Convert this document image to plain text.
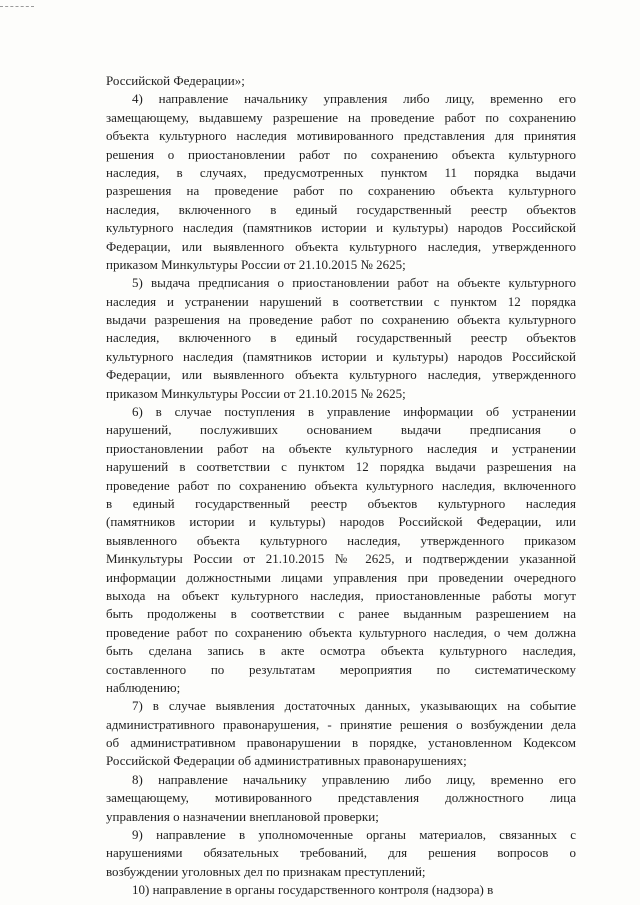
Российской Федерации»;
4) направление начальнику управления либо лицу, временно его
замещающему, выдавшему разрешение на проведение работ по сохранению
объекта культурного наследия мотивированного представления для принятия
решения о приостановлении работ по сохранению объекта культурного
наследия, в случаях, предусмотренных пунктом 11 порядка выдачи
разрешения на проведение работ по сохранению объекта культурного
наследия, включенного в единый государственный реестр объектов
культурного наследия (памятников истории и культуры) народов Российской
Федерации, или выявленного объекта культурного наследия, утвержденного
приказом Минкультуры России от 21.10.2015 № 2625;
5) выдача предписания о приостановлении работ на объекте культурного
наследия и устранении нарушений в соответствии с пунктом 12 порядка
выдачи разрешения на проведение работ по сохранению объекта культурного
наследия, включенного в единый государственный реестр объектов
культурного наследия (памятников истории и культуры) народов Российской
Федерации, или выявленного объекта культурного наследия, утвержденного
приказом Минкультуры России от 21.10.2015 № 2625;
6) в случае поступления в управление информации об устранении
нарушений, послуживших основанием выдачи предписания о
приостановлении работ на объекте культурного наследия и устранении
нарушений в соответствии с пунктом 12 порядка выдачи разрешения на
проведение работ по сохранению объекта культурного наследия, включенного
в единый государственный реестр объектов культурного наследия
(памятников истории и культуры) народов Российской Федерации, или
выявленного объекта культурного наследия, утвержденного приказом
Минкультуры России от 21.10.2015 № 2625, и подтверждении указанной
информации должностными лицами управления при проведении очередного
выхода на объект культурного наследия, приостановленные работы могут
быть продолжены в соответствии с ранее выданным разрешением на
проведение работ по сохранению объекта культурного наследия, о чем должна
быть сделана запись в акте осмотра объекта культурного наследия,
составленного по результатам мероприятия по систематическому
наблюдению;
7) в случае выявления достаточных данных, указывающих на событие
административного правонарушения, - принятие решения о возбуждении дела
об административном правонарушении в порядке, установленном Кодексом
Российской Федерации об административных правонарушениях;
8) направление начальнику управлению либо лицу, временно его
замещающему, мотивированного представления должностного лица
управления о назначении внеплановой проверки;
9) направление в уполномоченные органы материалов, связанных с
нарушениями обязательных требований, для решения вопросов о
возбуждении уголовных дел по признакам преступлений;
10) направление в органы государственного контроля (надзора) в
